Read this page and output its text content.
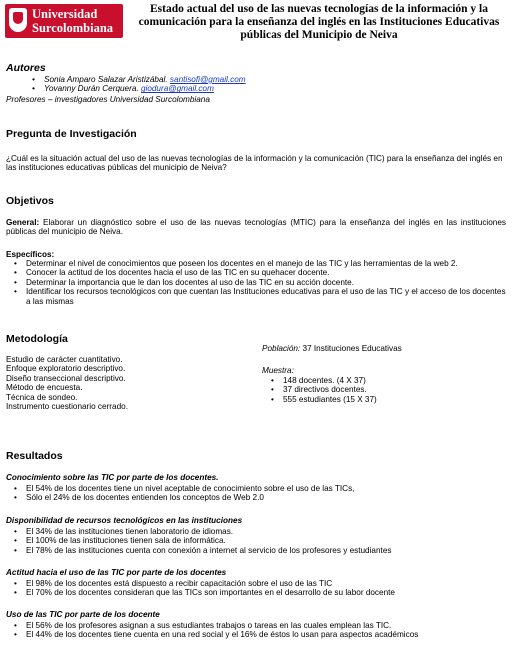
Universidad
Surcolombiana
Estado actual del uso de las nuevas tecnologías de la información y la comunicación para la enseñanza del inglés en las Instituciones Educativas públicas del Municipio de Neiva
Autores
• Sonia Amparo Salazar Aristizábal. santisofi@gmail.com
• Yovanny Durán Cerquera. giodura@gmail.com
Profesores – investigadores Universidad Surcolombiana
Pregunta de Investigación
¿Cuál es la situación actual del uso de las nuevas tecnologías de la información y la comunicación (TIC) para la enseñanza del inglés en las instituciones educativas públicas del municipio de Neiva?
Objetivos
General: Elaborar un diagnóstico sobre el uso de las nuevas tecnologías (MTIC) para la enseñanza del inglés en las instituciones públicas del municipio de Neiva.
Específicos:
• Determinar el nivel de conocimientos que poseen los docentes en el manejo de las TIC y las herramientas de la web 2.
• Conocer la actitud de los docentes hacia el uso de las TIC en su quehacer docente.
• Determinar la importancia que le dan los docentes al uso de las TIC en su acción docente.
• Identificar los recursos tecnológicos con que cuentan las Instituciones educativas para el uso de las TIC y el acceso de los docentes a las mismas
Metodología
Estudio de carácter cuantitativo.
Enfoque exploratorio descriptivo.
Diseño transeccional descriptivo.
Método de encuesta.
Técnica de sondeo.
Instrumento cuestionario cerrado.
Población: 37 Instituciones Educativas
Muestra:
• 148 docentes. (4 X 37)
• 37 directivos docentes.
• 555 estudiantes (15 X 37)
Resultados
Conocimiento sobre las TIC por parte de los docentes.
• El 54% de los docentes tiene un nivel aceptable de conocimiento sobre el uso de las TICs,
• Sólo el 24% de los docentes entienden los conceptos de Web 2.0
Disponibilidad de recursos tecnológicos en las instituciones
• El 34% de las instituciones tienen laboratorio de idiomas.
• El 100% de las instituciones tienen sala de informática.
• El 78% de las instituciones cuenta con conexión a internet al servicio de los profesores y estudiantes
Actitud hacia el uso de las TIC por parte de los docentes
• El 98% de los docentes está dispuesto a recibir capacitación sobre el uso de las TIC
• El 70% de los docentes consideran que las TICs son importantes en el desarrollo de su labor docente
Uso de las TIC por parte de los docente
• El 56% de los profesores asignan a sus estudiantes trabajos o tareas en las cuales emplean las TIC.
• El 44% de los docentes tiene cuenta en una red social y el 16% de éstos lo usan para aspectos académicos
